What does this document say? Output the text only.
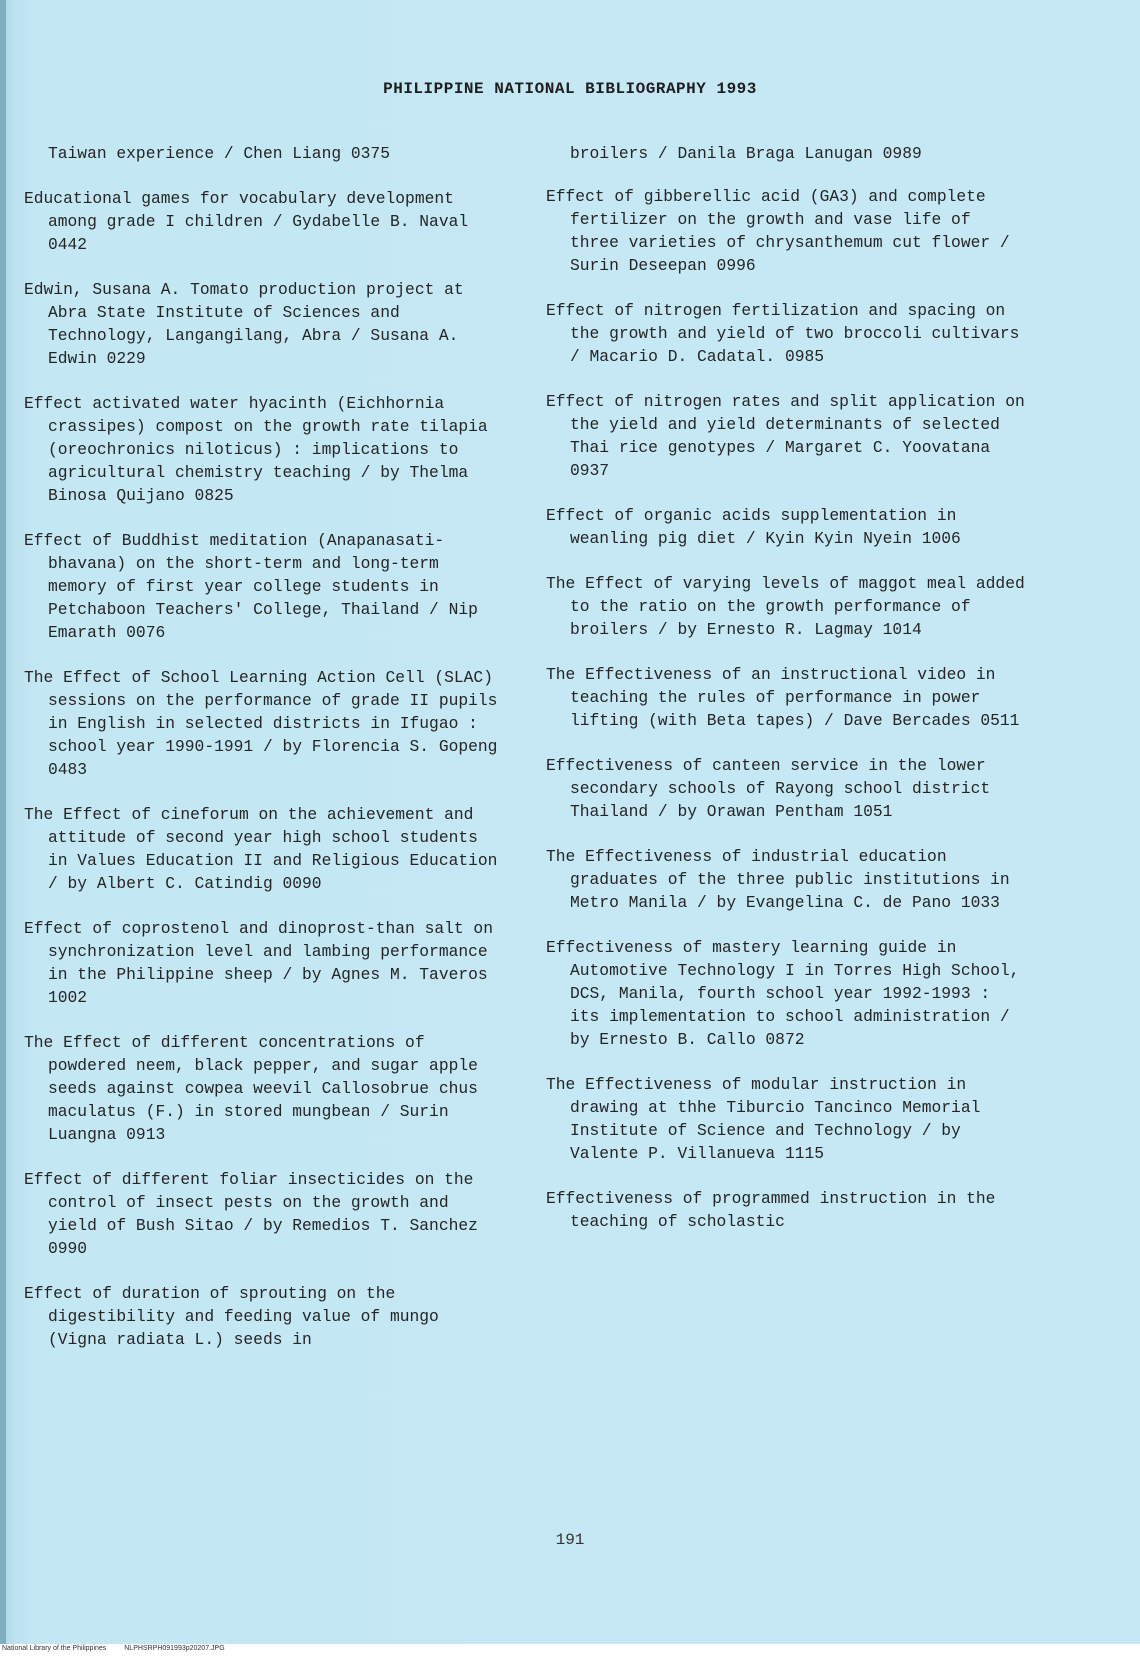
PHILIPPINE NATIONAL BIBLIOGRAPHY 1993

Taiwan experience / Chen Liang 0375

Educational games for vocabulary development among grade I children / Gydabelle B. Naval 0442

Edwin, Susana A. Tomato production project at Abra State Institute of Sciences and Technology, Langangilang, Abra / Susana A. Edwin 0229

Effect activated water hyacinth (Eichhornia crassipes) compost on the growth rate tilapia (oreochronics niloticus) : implications to agricultural chemistry teaching / by Thelma Binosa Quijano 0825

Effect of Buddhist meditation (Anapanasati-bhavana) on the short-term and long-term memory of first year college students in Petchaboon Teachers' College, Thailand / Nip Emarath 0076

The Effect of School Learning Action Cell (SLAC) sessions on the performance of grade II pupils in English in selected districts in Ifugao : school year 1990-1991 / by Florencia S. Gopeng 0483

The Effect of cineforum on the achievement and attitude of second year high school students in Values Education II and Religious Education / by Albert C. Catindig 0090

Effect of coprostenol and dinoprost-than salt on synchronization level and lambing performance in the Philippine sheep / by Agnes M. Taveros 1002

The Effect of different concentrations of powdered neem, black pepper, and sugar apple seeds against cowpea weevil Callosobrue chus maculatus (F.) in stored mungbean / Surin Luangna 0913

Effect of different foliar insecticides on the control of insect pests on the growth and yield of Bush Sitao / by Remedios T. Sanchez 0990

Effect of duration of sprouting on the digestibility and feeding value of mungo (Vigna radiata L.) seeds in

broilers / Danila Braga Lanugan 0989

Effect of gibberellic acid (GA3) and complete fertilizer on the growth and vase life of three varieties of chrysanthemum cut flower / Surin Deseepan 0996

Effect of nitrogen fertilization and spacing on the growth and yield of two broccoli cultivars / Macario D. Cadatal. 0985

Effect of nitrogen rates and split application on the yield and yield determinants of selected Thai rice genotypes / Margaret C. Yoovatana 0937

Effect of organic acids supplementation in weanling pig diet / Kyin Kyin Nyein 1006

The Effect of varying levels of maggot meal added to the ratio on the growth performance of broilers / by Ernesto R. Lagmay 1014

The Effectiveness of an instructional video in teaching the rules of performance in power lifting (with Beta tapes) / Dave Bercades 0511

Effectiveness of canteen service in the lower secondary schools of Rayong school district Thailand / by Orawan Pentham 1051

The Effectiveness of industrial education graduates of the three public institutions in Metro Manila / by Evangelina C. de Pano 1033

Effectiveness of mastery learning guide in Automotive Technology I in Torres High School, DCS, Manila, fourth school year 1992-1993 : its implementation to school administration / by Ernesto B. Callo 0872

The Effectiveness of modular instruction in drawing at thhe Tiburcio Tancinco Memorial Institute of Science and Technology / by Valente P. Villanueva 1115

Effectiveness of programmed instruction in the teaching of scholastic

191
National Library of the Philippines	NLPHSRPH091993p20207.JPG
